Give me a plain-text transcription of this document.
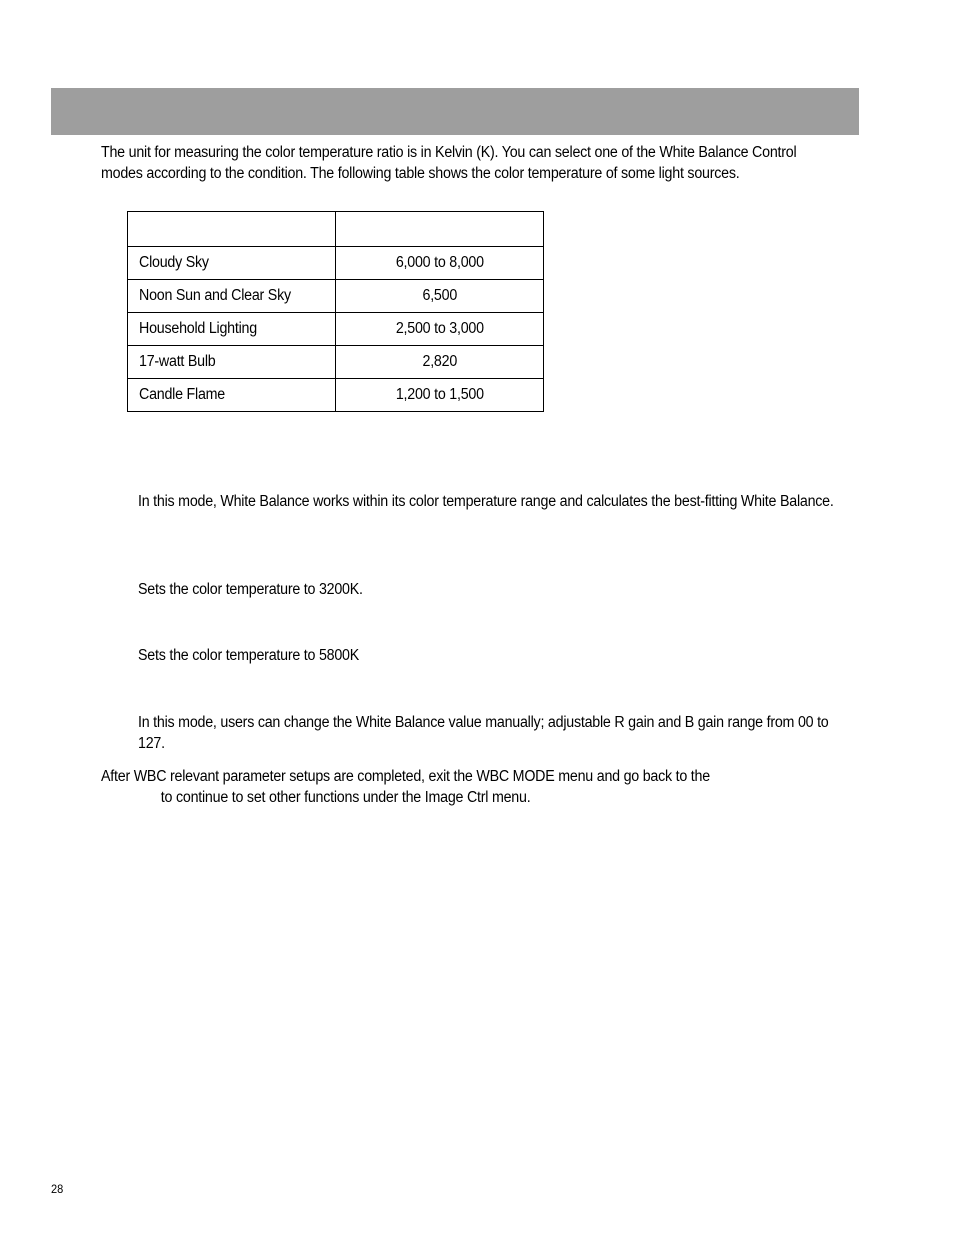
The unit for measuring the color temperature ratio is in Kelvin (K). You can select one of the White Balance Control modes according to the condition. The following table shows the color temperature of some light sources.

Cloudy Sky	6,000 to 8,000
Noon Sun and Clear Sky	6,500
Household Lighting	2,500 to 3,000
17-watt Bulb	2,820
Candle Flame	1,200 to 1,500
In this mode, White Balance works within its color temperature range and calculates the best-fitting White Balance.
Sets the color temperature to 3200K.
Sets the color temperature to 5800K
In this mode, users can change the White Balance value manually; adjustable R gain and B gain range from 00 to 127.
After WBC relevant parameter setups are completed, exit the WBC MODE menu and go back to the
to continue to set other functions under the Image Ctrl menu.
28
